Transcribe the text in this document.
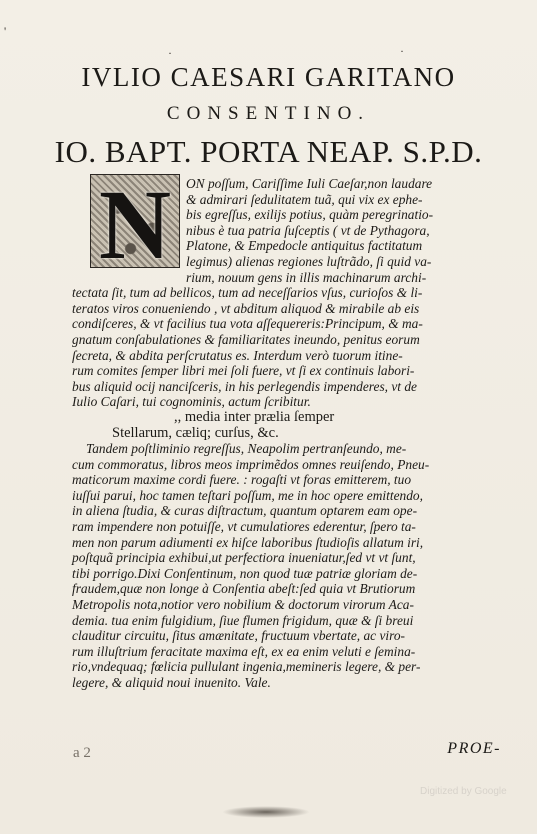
'
·	·
IVLIO CAESARI GARITANO
CONSENTINO.
IO. BAPT. PORTA NEAP. S.P.D.
N	ON poſſum, Cariſſime Iuli Caeſar,non laudare
& admirari ſedulitatem tuã, qui vix ex ephe-
bis egreſſus, exilijs potius, quàm peregrinatio-
nibus è tua patria ſuſceptis ( vt de Pythagora,
Platone, & Empedocle antiquitus factitatum
legimus) alienas regiones luſtrãdo, ſi quid va-
rium, nouum gens in illis machinarum archi-
tectata ſit, tum ad bellicos, tum ad neceſſarios vſus, curioſos & li-
teratos viros conueniendo , vt abditum aliquod & mirabile ab eis
condiſceres, & vt facilius tua vota aſſequereris:Principum, & ma-
gnatum conſabulationes & familiaritates ineundo, penitus eorum
ſecreta, & abdita perſcrutatus es. Interdum verò tuorum itine-
rum comites ſemper libri mei ſoli fuere, vt ſi ex continuis labori-
bus aliquid ocij nanciſceris, in his perlegendis impenderes, vt de
Iulio Caſari, tui cognominis, actum ſcribitur.
,, media inter prælia ſemper
Stellarum, cæliq; curſus, &c.
Tandem poſtliminio regreſſus, Neapolim pertranſeundo, me-
cum commoratus, libros meos imprimẽdos omnes reuiſendo, Pneu-
maticorum maxime cordi fuere. : rogaſti vt foras emitterem, tuo
iuſſui parui, hoc tamen teſtari poſſum, me in hoc opere emittendo,
in aliena ſtudia, & curas diſtractum, quantum optarem eam ope-
ram impendere non potuiſſe, vt cumulatiores ederentur, ſpero ta-
men non parum adiumenti ex hiſce laboribus ſtudioſis allatum iri,
poſtquã principia exhibui,ut perfectiora inueniatur,ſed vt vt ſunt,
tibi porrigo.Dixi Conſentinum, non quod tuæ patriæ gloriam de-
fraudem,quæ non longe à Conſentia abeſt:ſed quia vt Brutiorum
Metropolis nota,notior vero nobilium & doctorum virorum Aca-
demia. tua enim fulgidium, ſiue flumen frigidum, quæ & ſi breui
clauditur circuitu, ſitus amænitate, fructuum vbertate, ac viro-
rum illuſtrium feracitate maxima eſt, ex ea enim veluti e ſemina-
rio,vndequaq; fœlicia pullulant ingenia,memineris legere, & per-
legere, & aliquid noui inuenito. Vale.
a 2	PROE-
Digitized by Google
